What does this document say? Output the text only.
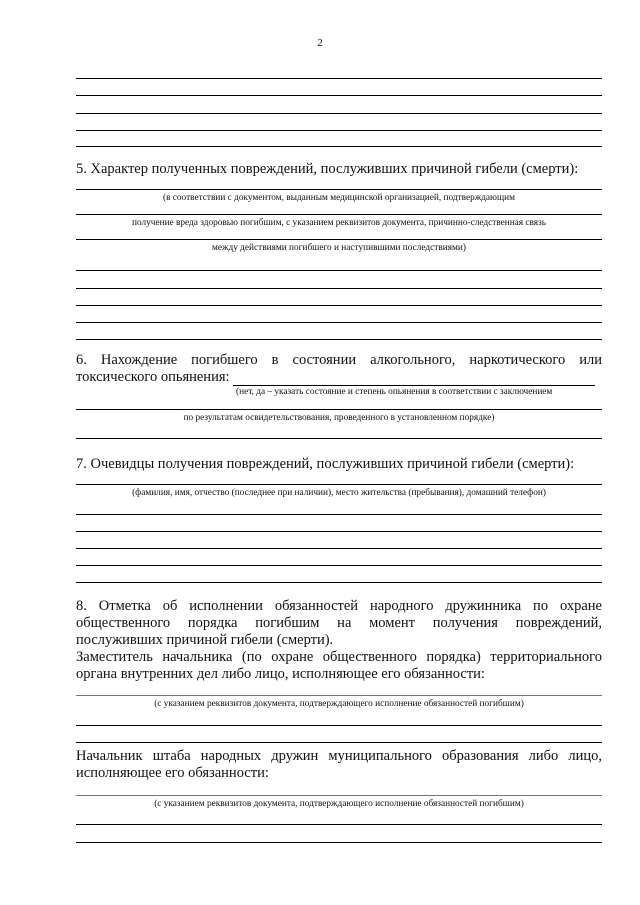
2
5. Характер полученных повреждений, послуживших причиной гибели (смерти):
(в соответствии с документом, выданным медицинской организацией, подтверждающим
получение вреда здоровью погибшим, с указанием реквизитов документа, причинно-следственная связь
между действиями погибшего и наступившими последствиями)
6. Нахождение погибшего в состоянии алкогольного, наркотического или
токсического опьянения:
(нет, да – указать состояние и степень опьянения в соответствии с заключением
по результатам освидетельствования, проведенного в установленном порядке)
7. Очевидцы получения повреждений, послуживших причиной гибели (смерти):
(фамилия, имя, отчество (последнее при наличии), место жительства (пребывания), домашний телефон)
8. Отметка об исполнении обязанностей народного дружинника по охране
общественного порядка погибшим на момент получения повреждений,
послуживших причиной гибели (смерти).
Заместитель начальника (по охране общественного порядка) территориального
органа внутренних дел либо лицо, исполняющее его обязанности:
(с указанием реквизитов документа, подтверждающего исполнение обязанностей погибшим)
Начальник штаба народных дружин муниципального образования либо лицо,
исполняющее его обязанности:
(с указанием реквизитов документа, подтверждающего исполнение обязанностей погибшим)
